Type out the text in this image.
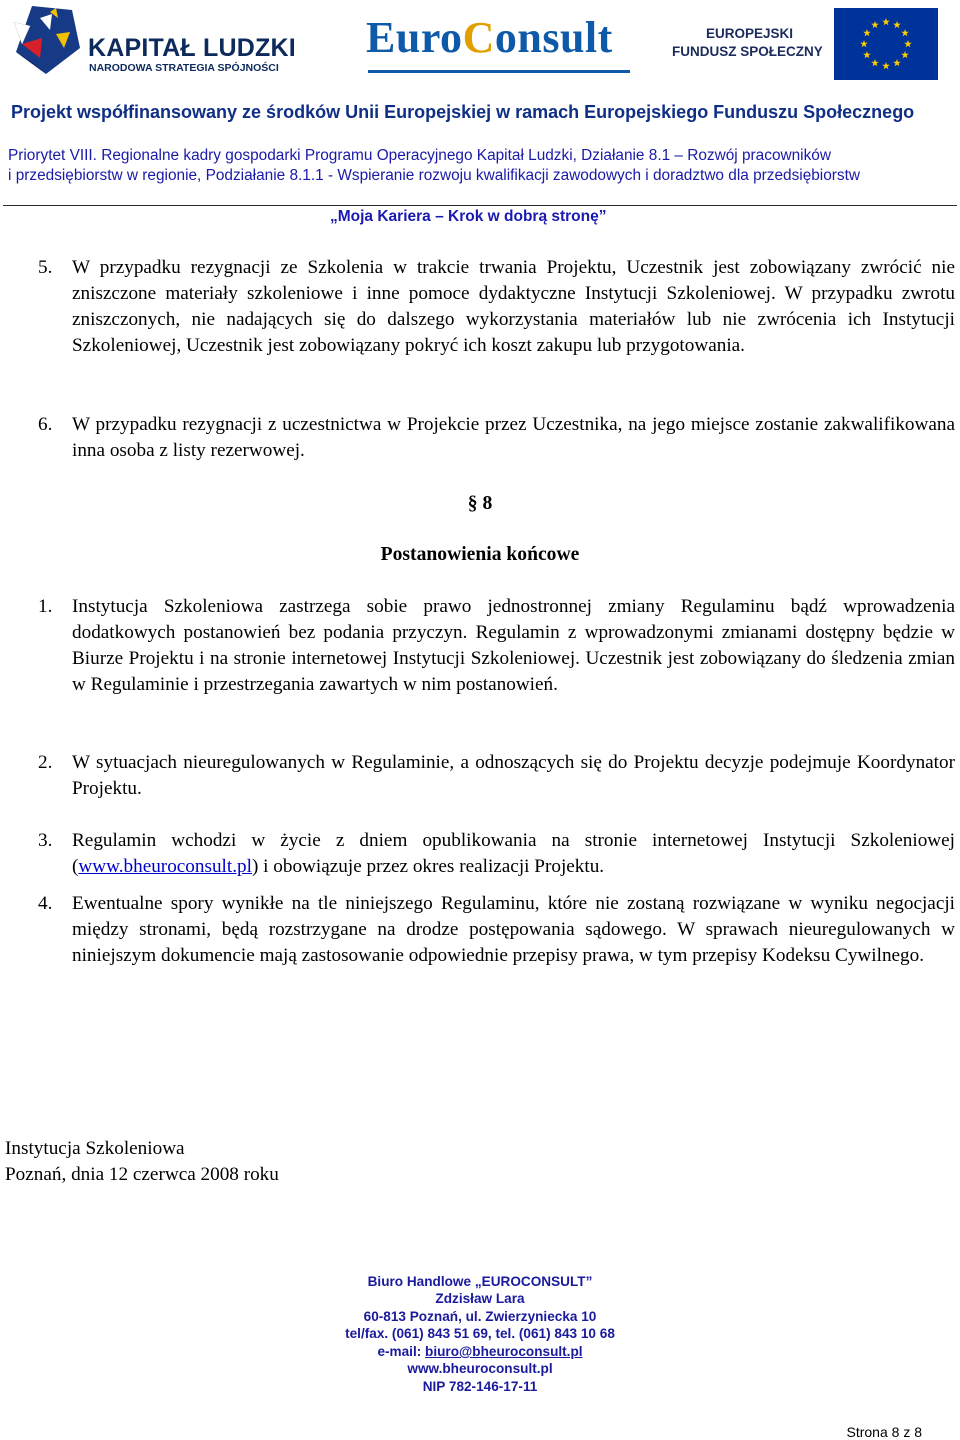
KAPITAŁ LUDZKI
NARODOWA STRATEGIA SPÓJNOŚCI
EuroConsult	EUROPEJSKI
FUNDUSZ SPOŁECZNY
Projekt współfinansowany ze środków Unii Europejskiej w ramach Europejskiego Funduszu Społecznego
Priorytet VIII. Regionalne kadry gospodarki Programu Operacyjnego Kapitał Ludzki, Działanie 8.1 – Rozwój pracowników
i przedsiębiorstw w regionie, Podziałanie 8.1.1 - Wspieranie rozwoju kwalifikacji zawodowych i doradztwo dla przedsiębiorstw
„Moja Kariera – Krok w dobrą stronę”
5. W przypadku rezygnacji ze Szkolenia w trakcie trwania Projektu, Uczestnik jest zobowiązany zwrócić nie zniszczone materiały szkoleniowe i inne pomoce dydaktyczne Instytucji Szkoleniowej. W przypadku zwrotu zniszczonych, nie nadających się do dalszego wykorzystania materiałów lub nie zwrócenia ich Instytucji Szkoleniowej, Uczestnik jest zobowiązany pokryć ich koszt zakupu lub przygotowania.
6. W przypadku rezygnacji z uczestnictwa w Projekcie przez Uczestnika, na jego miejsce zostanie zakwalifikowana inna osoba z listy rezerwowej.
§ 8
Postanowienia końcowe
1. Instytucja Szkoleniowa zastrzega sobie prawo jednostronnej zmiany Regulaminu bądź wprowadzenia dodatkowych postanowień bez podania przyczyn. Regulamin z wprowadzonymi zmianami dostępny będzie w Biurze Projektu i na stronie internetowej Instytucji Szkoleniowej. Uczestnik jest zobowiązany do śledzenia zmian w Regulaminie i przestrzegania zawartych w nim postanowień.
2. W sytuacjach nieuregulowanych w Regulaminie, a odnoszących się do Projektu decyzje podejmuje Koordynator Projektu.
3. Regulamin wchodzi w życie z dniem opublikowania na stronie internetowej Instytucji Szkoleniowej (www.bheuroconsult.pl) i obowiązuje przez okres realizacji Projektu.
4. Ewentualne spory wynikłe na tle niniejszego Regulaminu, które nie zostaną rozwiązane w wyniku negocjacji między stronami, będą rozstrzygane na drodze postępowania sądowego. W sprawach nieuregulowanych w niniejszym dokumencie mają zastosowanie odpowiednie przepisy prawa, w tym przepisy Kodeksu Cywilnego.
Instytucja Szkoleniowa
Poznań, dnia 12 czerwca 2008 roku
Biuro Handlowe „EUROCONSULT”
Zdzisław Lara
60-813 Poznań, ul. Zwierzyniecka 10
tel/fax. (061) 843 51 69, tel. (061) 843 10 68
e-mail: biuro@bheuroconsult.pl
www.bheuroconsult.pl
NIP 782-146-17-11
Strona 8 z 8
